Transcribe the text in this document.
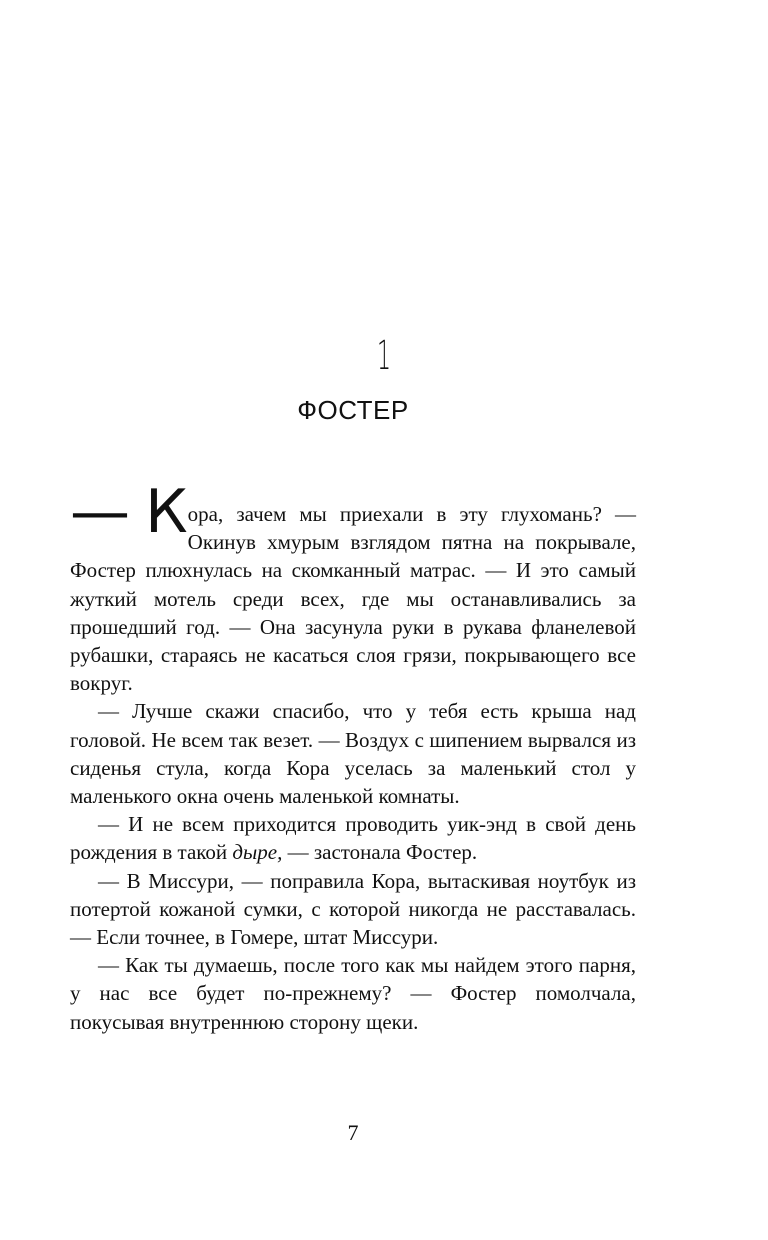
1
ФОСТЕР

— К ора, зачем мы приехали в эту глухомань? — Окинув хмурым взглядом пятна на покрывале, Фостер плюхнулась на скомканный матрас. — И это самый жуткий мотель среди всех, где мы останавливались за прошедший год. — Она засунула руки в рукава фланелевой рубашки, стараясь не касаться слоя грязи, покрывающего все вокруг.

— Лучше скажи спасибо, что у тебя есть крыша над головой. Не всем так везет. — Воздух с шипением вырвался из сиденья стула, когда Кора уселась за маленький стол у маленького окна очень маленькой комнаты.

— И не всем приходится проводить уик-энд в свой день рождения в такой дыре, — застонала Фостер.

— В Миссури, — поправила Кора, вытаскивая ноутбук из потертой кожаной сумки, с которой никогда не расставалась. — Если точнее, в Гомере, штат Миссури.

— Как ты думаешь, после того как мы найдем этого парня, у нас все будет по-прежнему? — Фостер помолчала, покусывая внутреннюю сторону щеки.

7
